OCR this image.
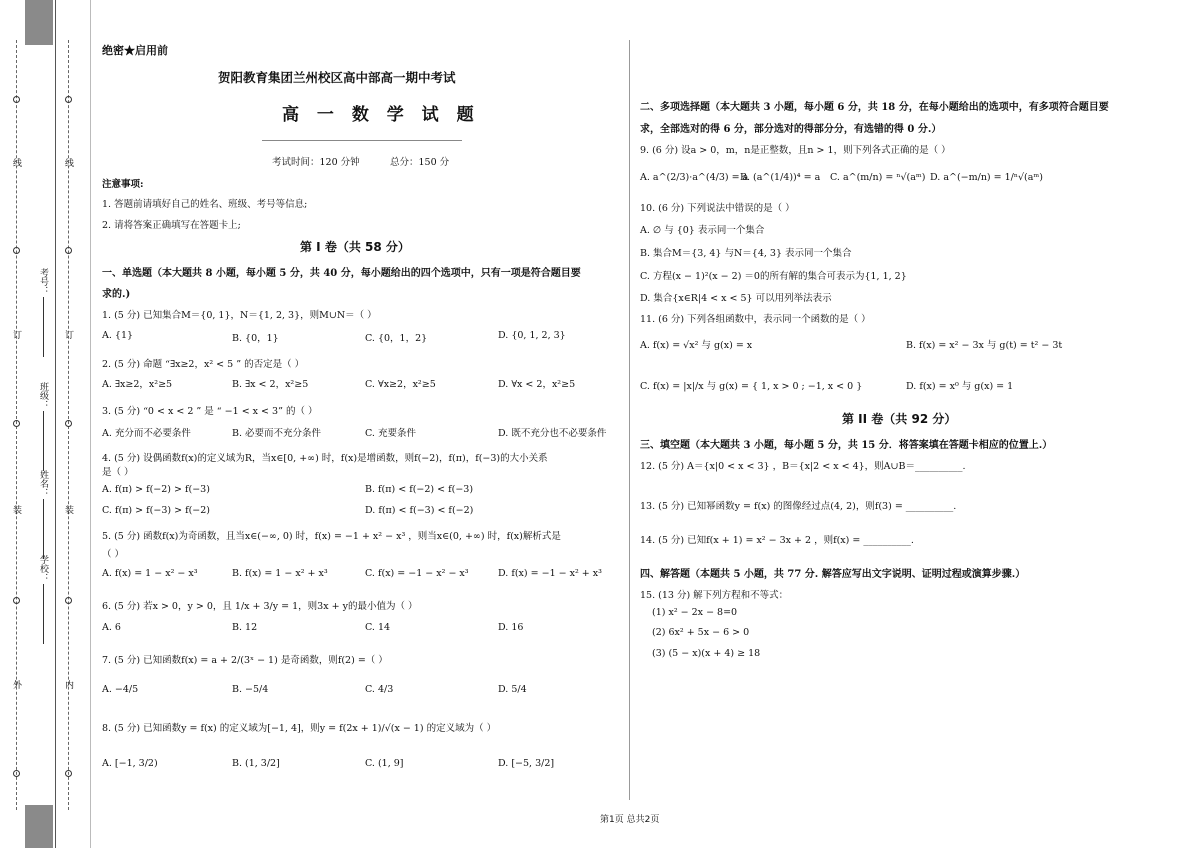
线
订
装
外
线
订
装
内
考号：
班级：
姓名：
学校：
绝密★启用前
贺阳教育集团兰州校区高中部高一期中考试
高 一 数 学 试 题
考试时间：120 分钟	总分：150 分
注意事项:
1. 答题前请填好自己的姓名、班级、考号等信息;
2. 请将答案正确填写在答题卡上;
第 I 卷（共 58 分）
一、单选题（本大题共 8 小题，每小题 5 分，共 40 分，每小题给出的四个选项中，只有一项是符合题目要
求的.)
1. (5 分) 已知集合M＝{0, 1}，N＝{1, 2, 3}，则M∪N＝（ ）
A. {1}	B. {0，1}	C. {0，1，2}	D. {0, 1, 2, 3}
2. (5 分) 命题 “∃x≥2，x² < 5 ” 的否定是（ ）
A. ∃x≥2，x²≥5	B. ∃x < 2，x²≥5	C. ∀x≥2，x²≥5	D. ∀x < 2，x²≥5
3. (5 分) “0 < x < 2 ” 是 “ −1 < x < 3” 的（ ）
A. 充分而不必要条件	B. 必要而不充分条件	C. 充要条件	D. 既不充分也不必要条件
4. (5 分) 设偶函数f(x)的定义域为R，当x∈[0, +∞) 时，f(x)是增函数，则f(−2)，f(π)，f(−3)的大小关系
是（ ）
A. f(π) > f(−2) > f(−3)	B. f(π) < f(−2) < f(−3)
C. f(π) > f(−3) > f(−2)	D. f(π) < f(−3) < f(−2)
5. (5 分) 函数f(x)为奇函数，且当x∈(−∞, 0) 时，f(x) = −1 + x² − x³ ，则当x∈(0, +∞) 时，f(x)解析式是
（ ）
A. f(x) = 1 − x² − x³	B. f(x) = 1 − x² + x³	C. f(x) = −1 − x² − x³	D. f(x) = −1 − x² + x³
6. (5 分) 若x > 0，y > 0，且 1/x + 3/y = 1，则3x + y的最小值为（ ）
A. 6	B. 12	C. 14	D. 16
7. (5 分) 已知函数f(x) = a + 2/(3ˣ − 1) 是奇函数，则f(2) =（ ）
A. −4/5	B. −5/4	C. 4/3	D. 5/4
8. (5 分) 已知函数y = f(x) 的定义域为[−1, 4]，则y = f(2x + 1)/√(x − 1) 的定义域为（ ）
A. [−1, 3/2)	B. (1, 3/2]	C. (1, 9]	D. [−5, 3/2]
二、多项选择题（本大题共 3 小题，每小题 6 分，共 18 分，在每小题给出的选项中，有多项符合题目要
求，全部选对的得 6 分，部分选对的得部分分，有选错的得 0 分.）
9. (6 分) 设a > 0，m，n是正整数，且n > 1，则下列各式正确的是（ ）
A. a^(2/3)·a^(4/3) = a
B. (a^(1/4))⁴ = a C. a^(m/n) = ⁿ√(aᵐ) D. a^(−m/n) = 1/ⁿ√(aᵐ)
10. (6 分) 下列说法中错误的是（ ）
A. ∅ 与 {0} 表示同一个集合
B. 集合M＝{3, 4} 与N＝{4, 3} 表示同一个集合
C. 方程(x − 1)²(x − 2) ＝0的所有解的集合可表示为{1, 1, 2}
D. 集合{x∈R|4 < x < 5} 可以用列举法表示
11. (6 分) 下列各组函数中，表示同一个函数的是（ ）
A. f(x) = √x² 与 g(x) = x	B. f(x) = x² − 3x 与 g(t) = t² − 3t
C. f(x) = |x|/x 与 g(x) = { 1, x > 0 ; −1, x < 0 }	D. f(x) = x⁰ 与 g(x) = 1
第 II 卷（共 92 分）
三、填空题（本大题共 3 小题，每小题 5 分，共 15 分．将答案填在答题卡相应的位置上.）
12. (5 分) A＝{x|0 < x < 3} ，B＝{x|2 < x < 4}，则A∪B＝__________.
13. (5 分) 已知幂函数y = f(x) 的图像经过点(4, 2)，则f(3) = __________.
14. (5 分) 已知f(x + 1) = x² − 3x + 2 ，则f(x) = __________.
四、解答题（本题共 5 小题，共 77 分. 解答应写出文字说明、证明过程或演算步骤.）
15. (13 分) 解下列方程和不等式：
(1) x² − 2x − 8=0
(2) 6x² + 5x − 6 > 0
(3) (5 − x)(x + 4) ≥ 18
第1页 总共2页
